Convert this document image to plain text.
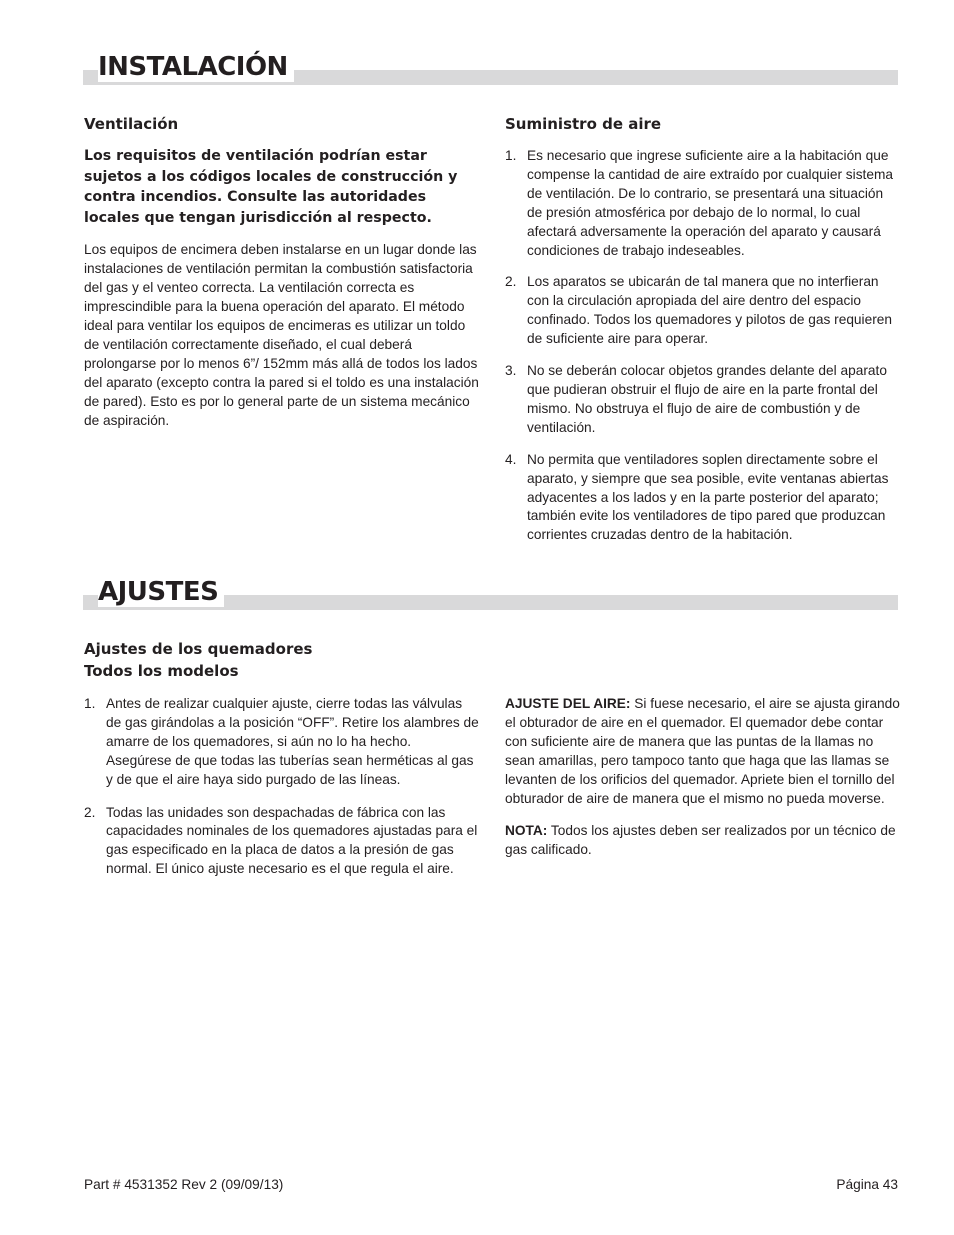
INSTALACIÓN
Ventilación

Los requisitos de ventilación podrían estar sujetos a los códigos locales de construcción y contra incendios. Consulte las autoridades locales que tengan jurisdicción al respecto.

Los equipos de encimera deben instalarse en un lugar donde las instalaciones de ventilación permitan la combustión satisfactoria del gas y el venteo correcta. La ventilación correcta es imprescindible para la buena operación del aparato. El método ideal para ventilar los equipos de encimeras es utilizar un toldo de ventilación correctamente diseñado, el cual deberá prolongarse por lo menos 6”/ 152mm más allá de todos los lados del aparato (excepto contra la pared si el toldo es una instalación de pared). Esto es por lo general parte de un sistema mecánico de aspiración.

Suministro de aire
1. Es necesario que ingrese suficiente aire a la habitación que compense la cantidad de aire extraído por cualquier sistema de ventilación. De lo contrario, se presentará una situación de presión atmosférica por debajo de lo normal, lo cual afectará adversamente la operación del aparato y causará condiciones de trabajo indeseables.
2. Los aparatos se ubicarán de tal manera que no interfieran con la circulación apropiada del aire dentro del espacio confinado. Todos los quemadores y pilotos de gas requieren de suficiente aire para operar.
3. No se deberán colocar objetos grandes delante del aparato que pudieran obstruir el flujo de aire en la parte frontal del mismo. No obstruya el flujo de aire de combustión y de ventilación.
4. No permita que ventiladores soplen directamente sobre el aparato, y siempre que sea posible, evite ventanas abiertas adyacentes a los lados y en la parte posterior del aparato; también evite los ventiladores de tipo pared que produzcan corrientes cruzadas dentro de la habitación.
AJUSTES
Ajustes de los quemadores
Todos los modelos
1. Antes de realizar cualquier ajuste, cierre todas las válvulas de gas girándolas a la posición “OFF”. Retire los alambres de amarre de los quemadores, si aún no lo ha hecho. Asegúrese de que todas las tuberías sean herméticas al gas y de que el aire haya sido purgado de las líneas.
2. Todas las unidades son despachadas de fábrica con las capacidades nominales de los quemadores ajustadas para el gas especificado en la placa de datos a la presión de gas normal. El único ajuste necesario es el que regula el aire.

AJUSTE DEL AIRE: Si fuese necesario, el aire se ajusta girando el obturador de aire en el quemador. El quemador debe contar con suficiente aire de manera que las puntas de la llamas no sean amarillas, pero tampoco tanto que haga que las llamas se levanten de los orificios del quemador. Apriete bien el tornillo del obturador de aire de manera que el mismo no pueda moverse.

NOTA: Todos los ajustes deben ser realizados por un técnico de gas calificado.

Part # 4531352 Rev 2 (09/09/13)	Página 43
